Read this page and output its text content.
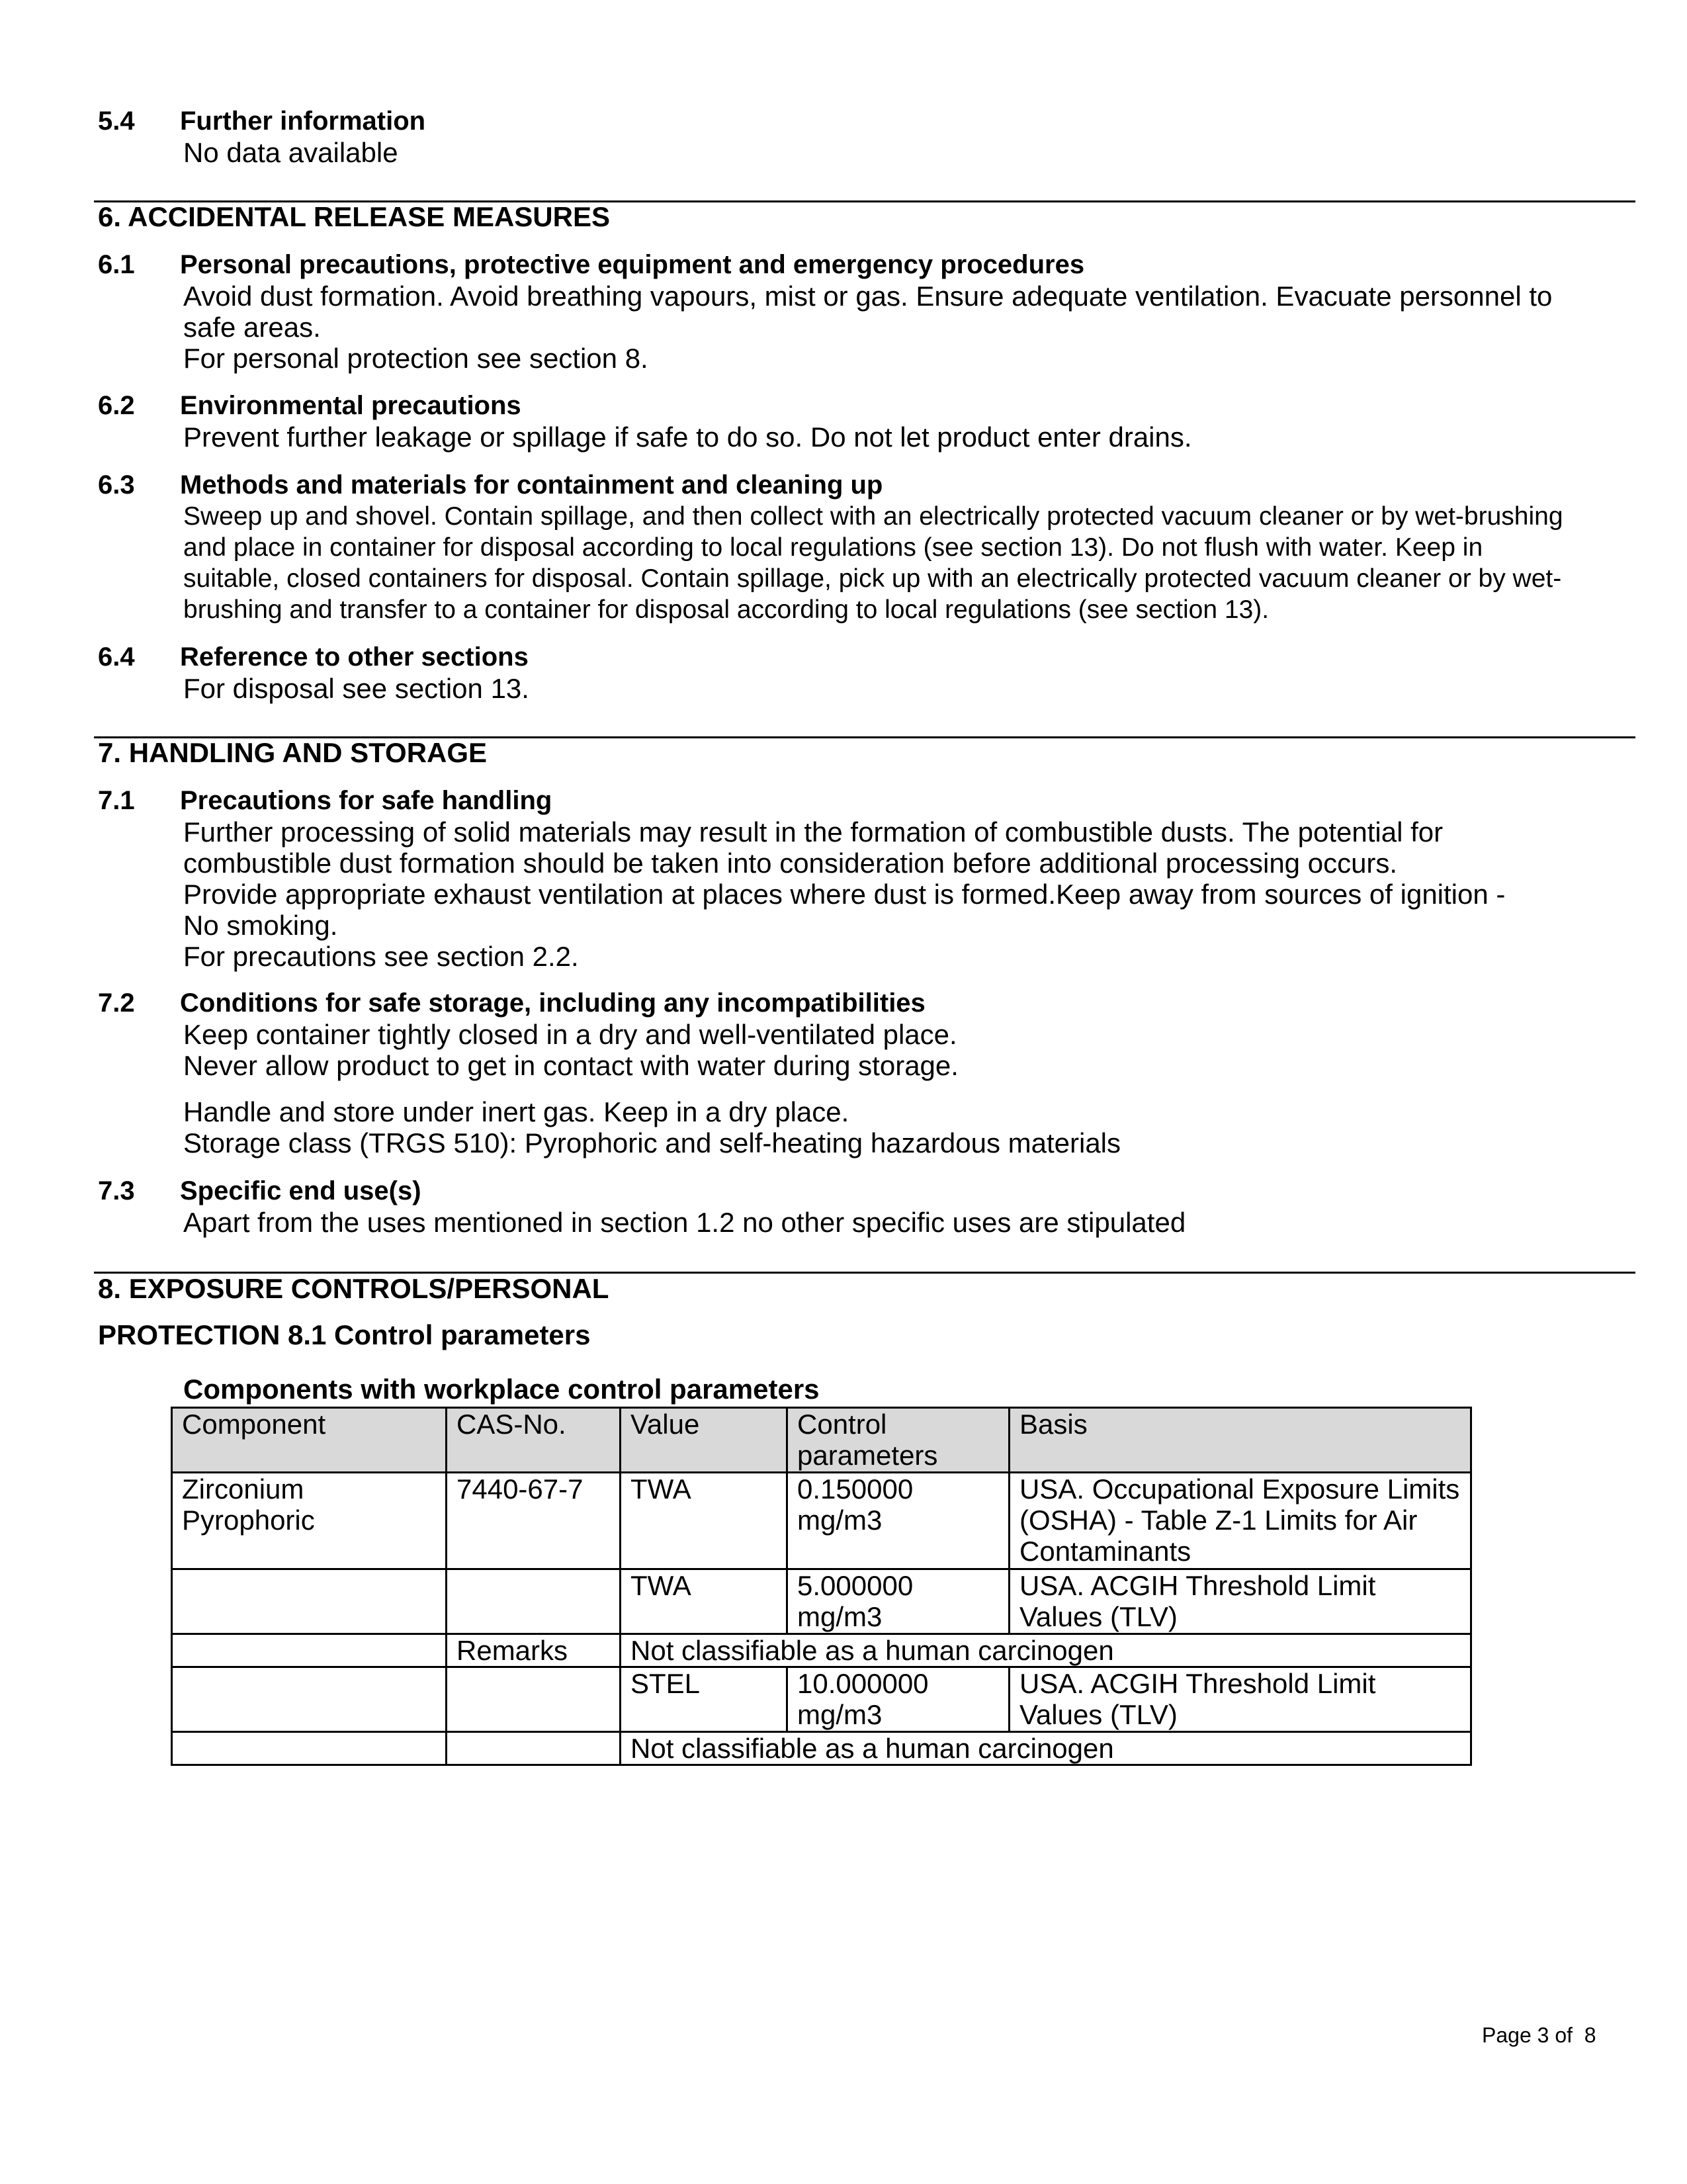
5.4 Further information
No data available
6. ACCIDENTAL RELEASE MEASURES
6.1 Personal precautions, protective equipment and emergency procedures
Avoid dust formation. Avoid breathing vapours, mist or gas. Ensure adequate ventilation. Evacuate personnel to
safe areas.
For personal protection see section 8.
6.2 Environmental precautions
Prevent further leakage or spillage if safe to do so. Do not let product enter drains.
6.3 Methods and materials for containment and cleaning up
Sweep up and shovel. Contain spillage, and then collect with an electrically protected vacuum cleaner or by wet-brushing
and place in container for disposal according to local regulations (see section 13). Do not flush with water. Keep in
suitable, closed containers for disposal. Contain spillage, pick up with an electrically protected vacuum cleaner or by wet-
brushing and transfer to a container for disposal according to local regulations (see section 13).
6.4 Reference to other sections
For disposal see section 13.
7. HANDLING AND STORAGE
7.1 Precautions for safe handling
Further processing of solid materials may result in the formation of combustible dusts. The potential for
combustible dust formation should be taken into consideration before additional processing occurs.
Provide appropriate exhaust ventilation at places where dust is formed.Keep away from sources of ignition -
No smoking.
For precautions see section 2.2.
7.2 Conditions for safe storage, including any incompatibilities
Keep container tightly closed in a dry and well-ventilated place.
Never allow product to get in contact with water during storage.
Handle and store under inert gas. Keep in a dry place.
Storage class (TRGS 510): Pyrophoric and self-heating hazardous materials
7.3 Specific end use(s)
Apart from the uses mentioned in section 1.2 no other specific uses are stipulated
8. EXPOSURE CONTROLS/PERSONAL
PROTECTION 8.1 Control parameters
Components with workplace control parameters
Component	CAS-No.	Value	Control parameters	Basis
Zirconium Pyrophoric	7440-67-7	TWA	0.150000 mg/m3	USA. Occupational Exposure Limits (OSHA) - Table Z-1 Limits for Air Contaminants
		TWA	5.000000 mg/m3	USA. ACGIH Threshold Limit Values (TLV)
	Remarks	Not classifiable as a human carcinogen		
		STEL	10.000000 mg/m3	USA. ACGIH Threshold Limit Values (TLV)
		Not classifiable as a human carcinogen		
Page 3 of  8
